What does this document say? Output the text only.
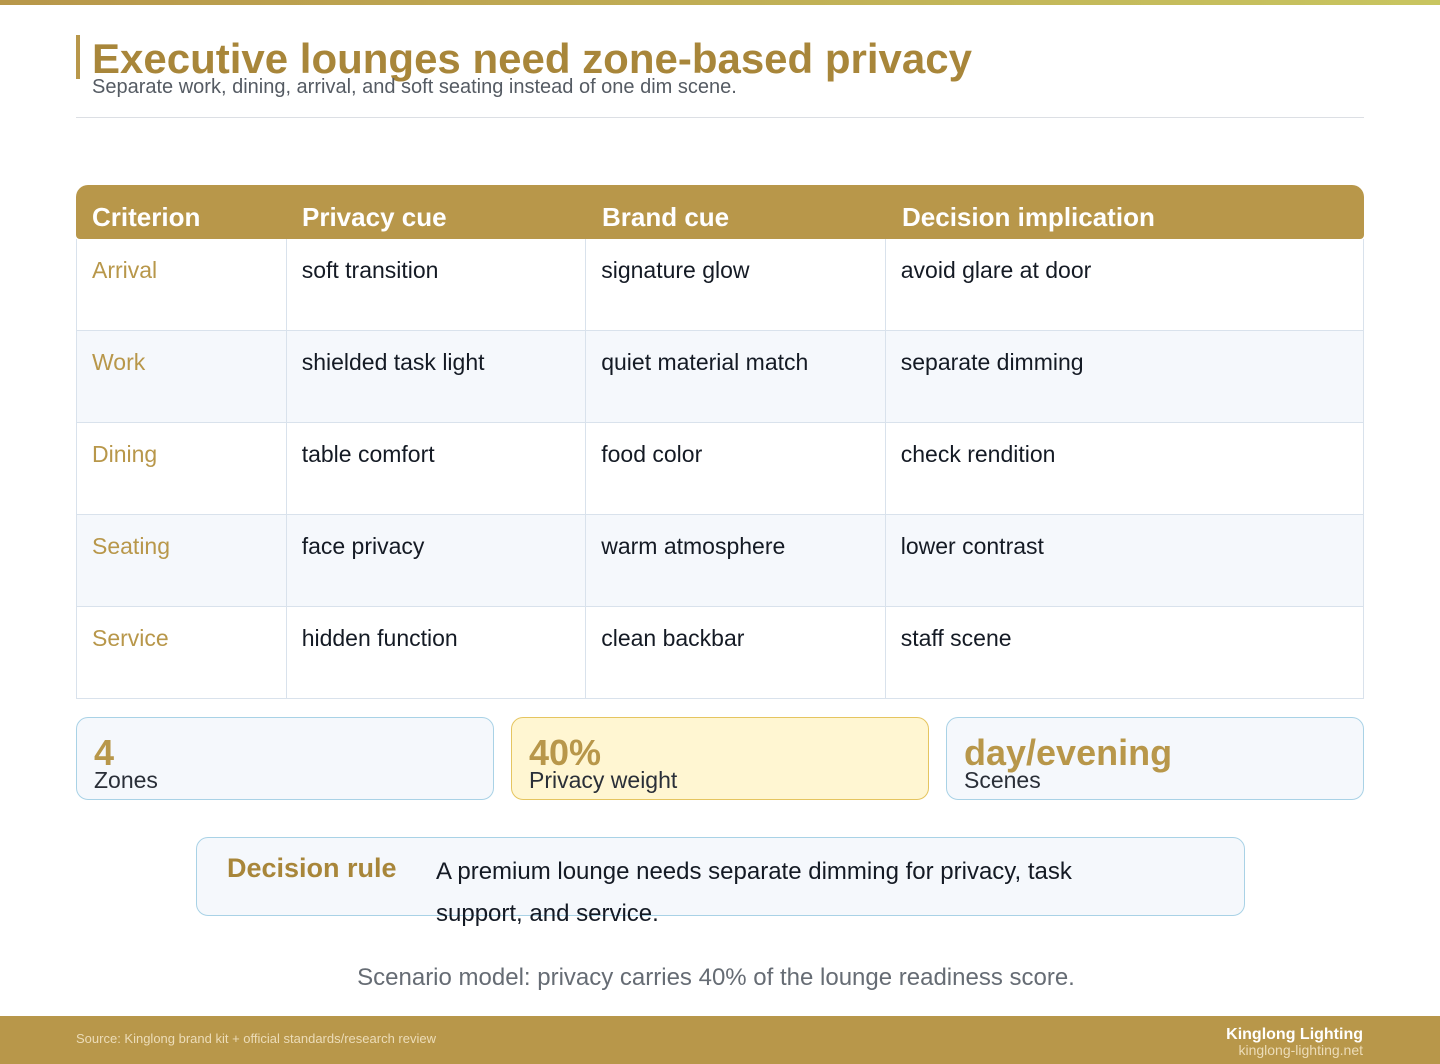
Executive lounges need zone-based privacy
Separate work, dining, arrival, and soft seating instead of one dim scene.
Criterion	Privacy cue	Brand cue	Decision implication
Arrival	soft transition	signature glow	avoid glare at door
Work	shielded task light	quiet material match	separate dimming
Dining	table comfort	food color	check rendition
Seating	face privacy	warm atmosphere	lower contrast
Service	hidden function	clean backbar	staff scene
4
Zones
40%
Privacy weight
day/evening
Scenes
Decision rule A premium lounge needs separate dimming for privacy, task support, and service.
Scenario model: privacy carries 40% of the lounge readiness score.
Source: Kinglong brand kit + official standards/research review	Kinglong Lighting
kinglong-lighting.net
